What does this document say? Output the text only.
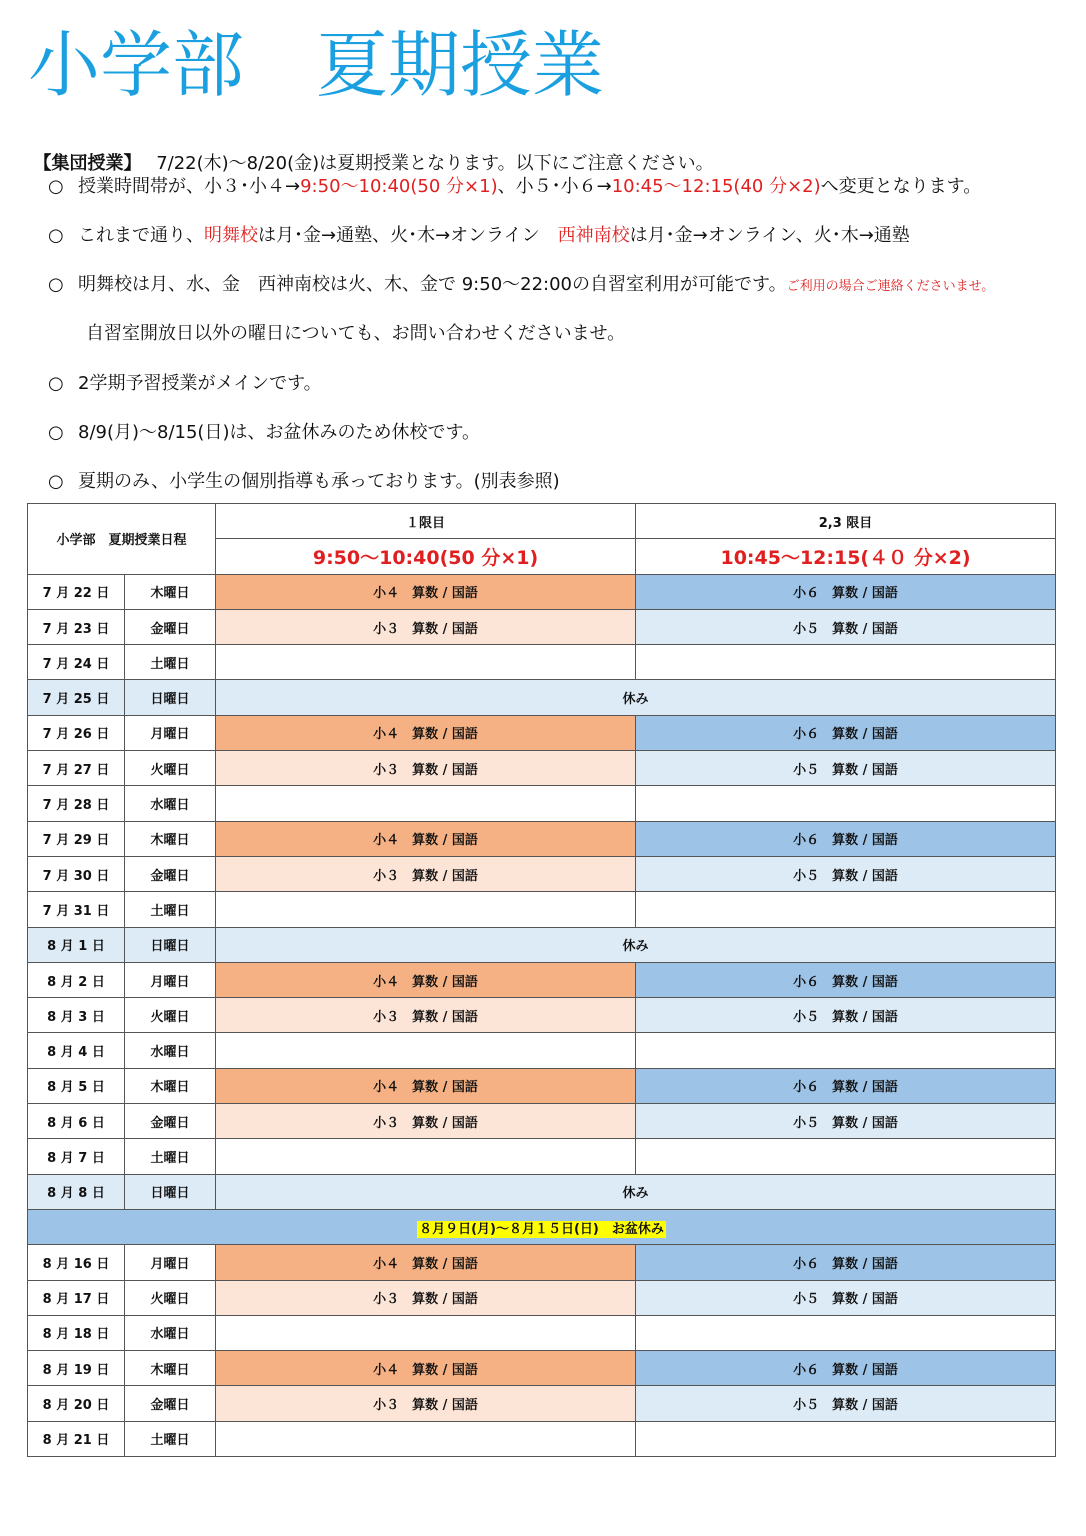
小学部　夏期授業

【集団授業】　 7/22(木)～8/20(金)は夏期授業となります。以下にご注意ください。

○ 授業時間帯が、小３･小４→9:50～10:40(50 分×1)、小５･小６→10:45～12:15(40 分×2)へ変更となります。
○ これまで通り、明舞校は月･金→通塾、火･木→オンライン　西神南校は月･金→オンライン、火･木→通塾
○ 明舞校は月、水、金　西神南校は火、木、金で 9:50～22:00の自習室利用が可能です。ご利用の場合ご連絡くださいませ。
自習室開放日以外の曜日についても、お問い合わせくださいませ。
○ 2学期予習授業がメインです。
○ 8/9(月)～8/15(日)は、お盆休みのため休校です。
○ 夏期のみ、小学生の個別指導も承っております。(別表参照)
小学部　夏期授業日程		１限目	2,3 限目
		9:50～10:40(50 分×1)	10:45～12:15(４０ 分×2)
7 月 22 日	木曜日	小４　算数 / 国語	小６　算数 / 国語
7 月 23 日	金曜日	小３　算数 / 国語	小５　算数 / 国語
7 月 24 日	土曜日		
7 月 25 日	日曜日	休み	
7 月 26 日	月曜日	小４　算数 / 国語	小６　算数 / 国語
7 月 27 日	火曜日	小３　算数 / 国語	小５　算数 / 国語
7 月 28 日	水曜日		
7 月 29 日	木曜日	小４　算数 / 国語	小６　算数 / 国語
7 月 30 日	金曜日	小３　算数 / 国語	小５　算数 / 国語
7 月 31 日	土曜日		
8 月 1 日	日曜日	休み	
8 月 2 日	月曜日	小４　算数 / 国語	小６　算数 / 国語
8 月 3 日	火曜日	小３　算数 / 国語	小５　算数 / 国語
8 月 4 日	水曜日		
8 月 5 日	木曜日	小４　算数 / 国語	小６　算数 / 国語
8 月 6 日	金曜日	小３　算数 / 国語	小５　算数 / 国語
8 月 7 日	土曜日		
8 月 8 日	日曜日	休み	
８月９日(月)～８月１５日(日)　お盆休み			
8 月 16 日	月曜日	小４　算数 / 国語	小６　算数 / 国語
8 月 17 日	火曜日	小３　算数 / 国語	小５　算数 / 国語
8 月 18 日	水曜日		
8 月 19 日	木曜日	小４　算数 / 国語	小６　算数 / 国語
8 月 20 日	金曜日	小３　算数 / 国語	小５　算数 / 国語
8 月 21 日	土曜日		
